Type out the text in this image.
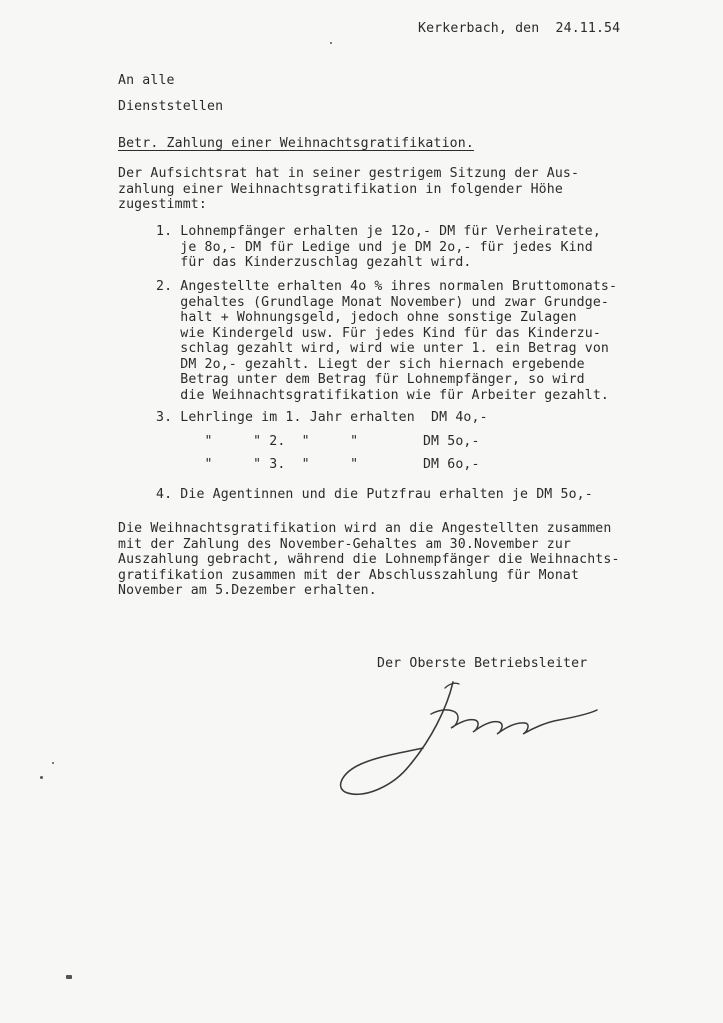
Kerkerbach, den  24.11.54
An alle
Dienststellen
Betr. Zahlung einer Weihnachtsgratifikation.
Der Aufsichtsrat hat in seiner gestrigem Sitzung der Aus-
zahlung einer Weihnachtsgratifikation in folgender Höhe
zugestimmt:
1. Lohnempfänger erhalten je 12o,- DM für Verheiratete,
je 8o,- DM für Ledige und je DM 2o,- für jedes Kind
für das Kinderzuschlag gezahlt wird.
2. Angestellte erhalten 4o % ihres normalen Bruttomonats-
gehaltes (Grundlage Monat November) und zwar Grundge-
halt + Wohnungsgeld, jedoch ohne sonstige Zulagen
wie Kindergeld usw. Für jedes Kind für das Kinderzu-
schlag gezahlt wird, wird wie unter 1. ein Betrag von
DM 2o,- gezahlt. Liegt der sich hiernach ergebende
Betrag unter dem Betrag für Lohnempfänger, so wird
die Weihnachtsgratifikation wie für Arbeiter gezahlt.
3. Lehrlinge im 1. Jahr erhalten  DM 4o,-
"     " 2.  "     "        DM 5o,-
"     " 3.  "     "        DM 6o,-
4. Die Agentinnen und die Putzfrau erhalten je DM 5o,-
Die Weihnachtsgratifikation wird an die Angestellten zusammen
mit der Zahlung des November-Gehaltes am 30.November zur
Auszahlung gebracht, während die Lohnempfänger die Weihnachts-
gratifikation zusammen mit der Abschlusszahlung für Monat
November am 5.Dezember erhalten.
Der Oberste Betriebsleiter
